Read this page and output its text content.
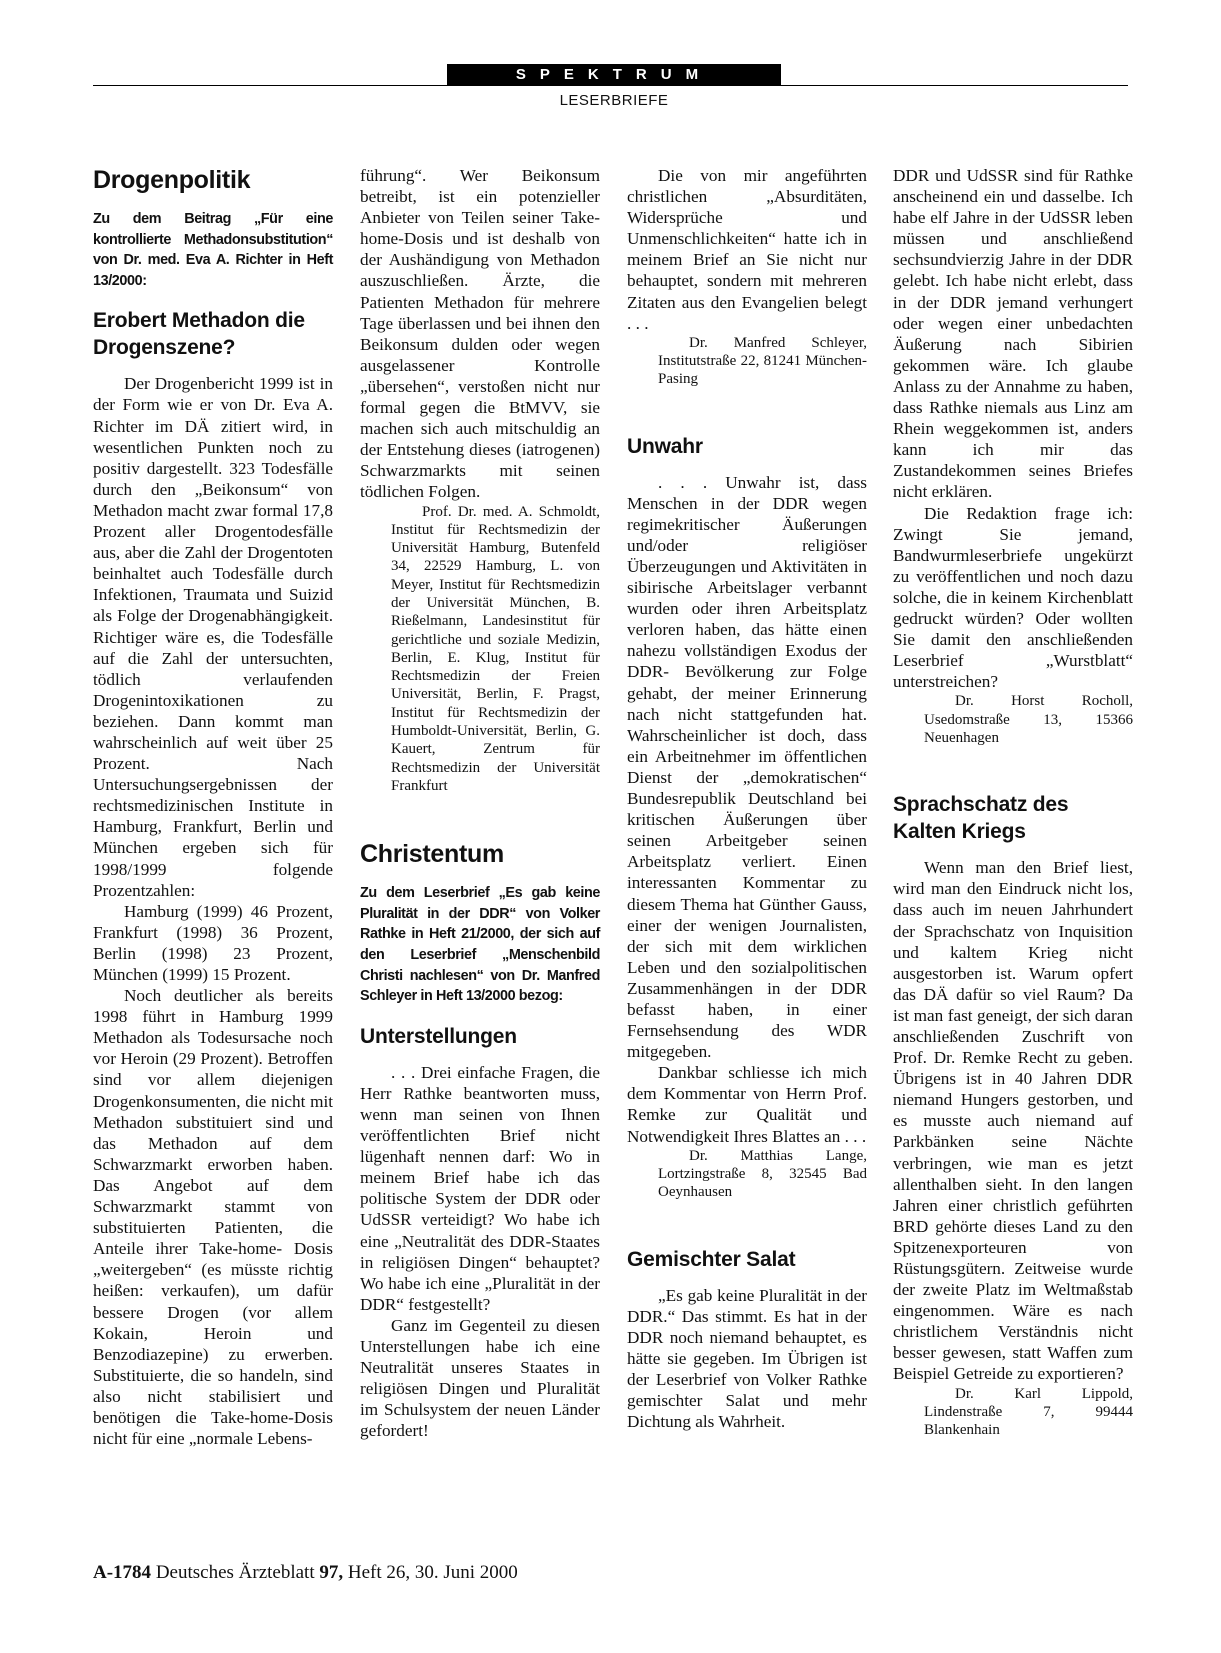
SPEKTRUM
LESERBRIEFE
Drogenpolitik

Zu dem Beitrag „Für eine kontrollierte Methadonsubstitution“ von Dr. med. Eva A. Richter in Heft 13/2000:

Erobert Methadon die
Drogenszene?

Der Drogenbericht 1999 ist in der Form wie er von Dr. Eva A. Richter im DÄ zitiert wird, in wesentlichen Punkten noch zu positiv dargestellt. 323 Todesfälle durch den „Beikonsum“ von Methadon macht zwar formal 17,8 Prozent aller Drogentodesfälle aus, aber die Zahl der Drogentoten beinhaltet auch Todesfälle durch Infektionen, Traumata und Suizid als Folge der Drogenabhängigkeit. Richtiger wäre es, die Todesfälle auf die Zahl der untersuchten, tödlich verlaufenden Drogenintoxikationen zu beziehen. Dann kommt man wahrscheinlich auf weit über 25 Prozent. Nach Untersuchungsergebnissen der rechtsmedizinischen Institute in Hamburg, Frankfurt, Berlin und München ergeben sich für 1998/1999 folgende Prozentzahlen:

Hamburg (1999) 46 Prozent, Frankfurt (1998) 36 Prozent, Berlin (1998) 23 Prozent, München (1999) 15 Prozent.

Noch deutlicher als bereits 1998 führt in Hamburg 1999 Methadon als Todesursache noch vor Heroin (29 Prozent). Betroffen sind vor allem diejenigen Drogenkonsumenten, die nicht mit Methadon substituiert sind und das Methadon auf dem Schwarzmarkt erworben haben. Das Angebot auf dem Schwarzmarkt stammt von substituierten Patienten, die Anteile ihrer Take-home- Dosis „weitergeben“ (es müsste richtig heißen: verkaufen), um dafür bessere Drogen (vor allem Kokain, Heroin und Benzodiazepine) zu erwerben. Substituierte, die so handeln, sind also nicht stabilisiert und benötigen die Take-home-Dosis nicht für eine „normale Lebens-

führung“. Wer Beikonsum betreibt, ist ein potenzieller Anbieter von Teilen seiner Take-home-Dosis und ist deshalb von der Aushändigung von Methadon auszuschließen. Ärzte, die Patienten Methadon für mehrere Tage überlassen und bei ihnen den Beikonsum dulden oder wegen ausgelassener Kontrolle „übersehen“, verstoßen nicht nur formal gegen die BtMVV, sie machen sich auch mitschuldig an der Entstehung dieses (iatrogenen) Schwarzmarkts mit seinen tödlichen Folgen.

Prof. Dr. med. A. Schmoldt, Institut für Rechtsmedizin der Universität Hamburg, Butenfeld 34, 22529 Hamburg, L. von Meyer, Institut für Rechtsmedizin der Universität München, B. Rießelmann, Landesinstitut für gerichtliche und soziale Medizin, Berlin, E. Klug, Institut für Rechtsmedizin der Freien Universität, Berlin, F. Pragst, Institut für Rechtsmedizin der Humboldt-Universität, Berlin, G. Kauert, Zentrum für Rechtsmedizin der Universität Frankfurt

Christentum

Zu dem Leserbrief „Es gab keine Pluralität in der DDR“ von Volker Rathke in Heft 21/2000, der sich auf den Leserbrief „Menschenbild Christi nachlesen“ von Dr. Manfred Schleyer in Heft 13/2000 bezog:

Unterstellungen

. . . Drei einfache Fragen, die Herr Rathke beantworten muss, wenn man seinen von Ihnen veröffentlichten Brief nicht lügenhaft nennen darf: Wo in meinem Brief habe ich das politische System der DDR oder UdSSR verteidigt? Wo habe ich eine „Neutralität des DDR-Staates in religiösen Dingen“ behauptet? Wo habe ich eine „Pluralität in der DDR“ festgestellt?

Ganz im Gegenteil zu diesen Unterstellungen habe ich eine Neutralität unseres Staates in religiösen Dingen und Pluralität im Schulsystem der neuen Länder gefordert!

Die von mir angeführten christlichen „Absurditäten, Widersprüche und Unmenschlichkeiten“ hatte ich in meinem Brief an Sie nicht nur behauptet, sondern mit mehreren Zitaten aus den Evangelien belegt . . .

Dr. Manfred Schleyer, Institutstraße 22, 81241 München-Pasing

Unwahr

. . . Unwahr ist, dass Menschen in der DDR wegen regimekritischer Äußerungen und/oder religiöser Überzeugungen und Aktivitäten in sibirische Arbeitslager verbannt wurden oder ihren Arbeitsplatz verloren haben, das hätte einen nahezu vollständigen Exodus der DDR- Bevölkerung zur Folge gehabt, der meiner Erinnerung nach nicht stattgefunden hat. Wahrscheinlicher ist doch, dass ein Arbeitnehmer im öffentlichen Dienst der „demokratischen“ Bundesrepublik Deutschland bei kritischen Äußerungen über seinen Arbeitgeber seinen Arbeitsplatz verliert. Einen interessanten Kommentar zu diesem Thema hat Günther Gauss, einer der wenigen Journalisten, der sich mit dem wirklichen Leben und den sozialpolitischen Zusammenhängen in der DDR befasst haben, in einer Fernsehsendung des WDR mitgegeben.

Dankbar schliesse ich mich dem Kommentar von Herrn Prof. Remke zur Qualität und Notwendigkeit Ihres Blattes an . . .

Dr. Matthias Lange, Lortzingstraße 8, 32545 Bad Oeynhausen

Gemischter Salat

„Es gab keine Pluralität in der DDR.“ Das stimmt. Es hat in der DDR noch niemand behauptet, es hätte sie gegeben. Im Übrigen ist der Leserbrief von Volker Rathke gemischter Salat und mehr Dichtung als Wahrheit.

DDR und UdSSR sind für Rathke anscheinend ein und dasselbe. Ich habe elf Jahre in der UdSSR leben müssen und anschließend sechsundvierzig Jahre in der DDR gelebt. Ich habe nicht erlebt, dass in der DDR jemand verhungert oder wegen einer unbedachten Äußerung nach Sibirien gekommen wäre. Ich glaube Anlass zu der Annahme zu haben, dass Rathke niemals aus Linz am Rhein weggekommen ist, anders kann ich mir das Zustandekommen seines Briefes nicht erklären.

Die Redaktion frage ich: Zwingt Sie jemand, Bandwurmleserbriefe ungekürzt zu veröffentlichen und noch dazu solche, die in keinem Kirchenblatt gedruckt würden? Oder wollten Sie damit den anschließenden Leserbrief „Wurstblatt“ unterstreichen?

Dr. Horst Rocholl, Usedomstraße 13, 15366 Neuenhagen

Sprachschatz des
Kalten Kriegs

Wenn man den Brief liest, wird man den Eindruck nicht los, dass auch im neuen Jahrhundert der Sprachschatz von Inquisition und kaltem Krieg nicht ausgestorben ist. Warum opfert das DÄ dafür so viel Raum? Da ist man fast geneigt, der sich daran anschließenden Zuschrift von Prof. Dr. Remke Recht zu geben. Übrigens ist in 40 Jahren DDR niemand Hungers gestorben, und es musste auch niemand auf Parkbänken seine Nächte verbringen, wie man es jetzt allenthalben sieht. In den langen Jahren einer christlich geführten BRD gehörte dieses Land zu den Spitzenexporteuren von Rüstungsgütern. Zeitweise wurde der zweite Platz im Weltmaßstab eingenommen. Wäre es nach christlichem Verständnis nicht besser gewesen, statt Waffen zum Beispiel Getreide zu exportieren?

Dr. Karl Lippold, Lindenstraße 7, 99444 Blankenhain

A-1784 Deutsches Ärzteblatt 97, Heft 26, 30. Juni 2000
